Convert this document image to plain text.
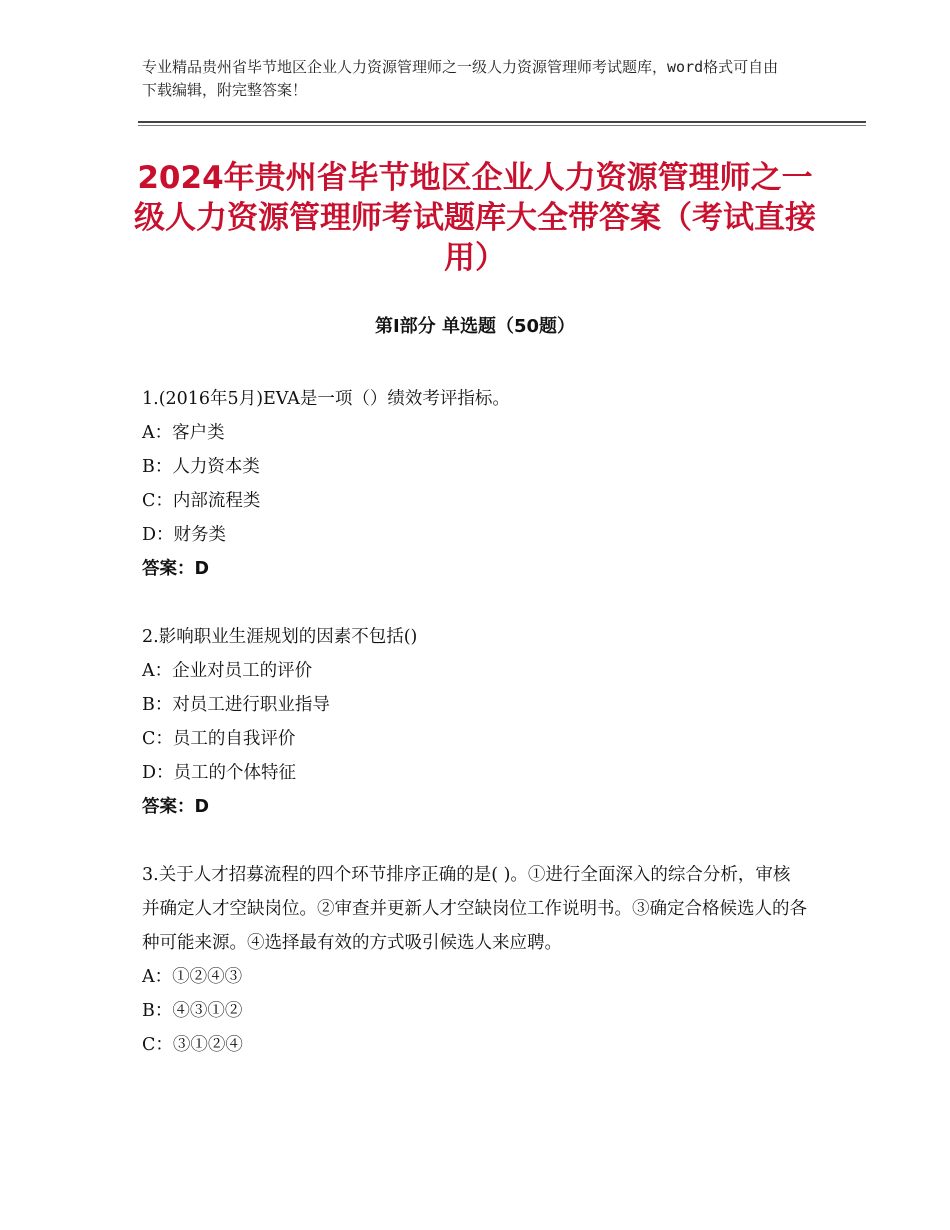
专业精品贵州省毕节地区企业人力资源管理师之一级人力资源管理师考试题库，word格式可自由下载编辑，附完整答案！
2024年贵州省毕节地区企业人力资源管理师之一级人力资源管理师考试题库大全带答案（考试直接用）
第Ⅰ部分 单选题（50题）

1.(2016年5月)EVA是一项（）绩效考评指标。

A：客户类

B：人力资本类

C：内部流程类

D：财务类

答案：D

2.影响职业生涯规划的因素不包括()

A：企业对员工的评价

B：对员工进行职业指导

C：员工的自我评价

D：员工的个体特征

答案：D

3.关于人才招募流程的四个环节排序正确的是( )。①进行全面深入的综合分析，审核并确定人才空缺岗位。②审查并更新人才空缺岗位工作说明书。③确定合格候选人的各种可能来源。④选择最有效的方式吸引候选人来应聘。

A：①②④③

B：④③①②

C：③①②④
